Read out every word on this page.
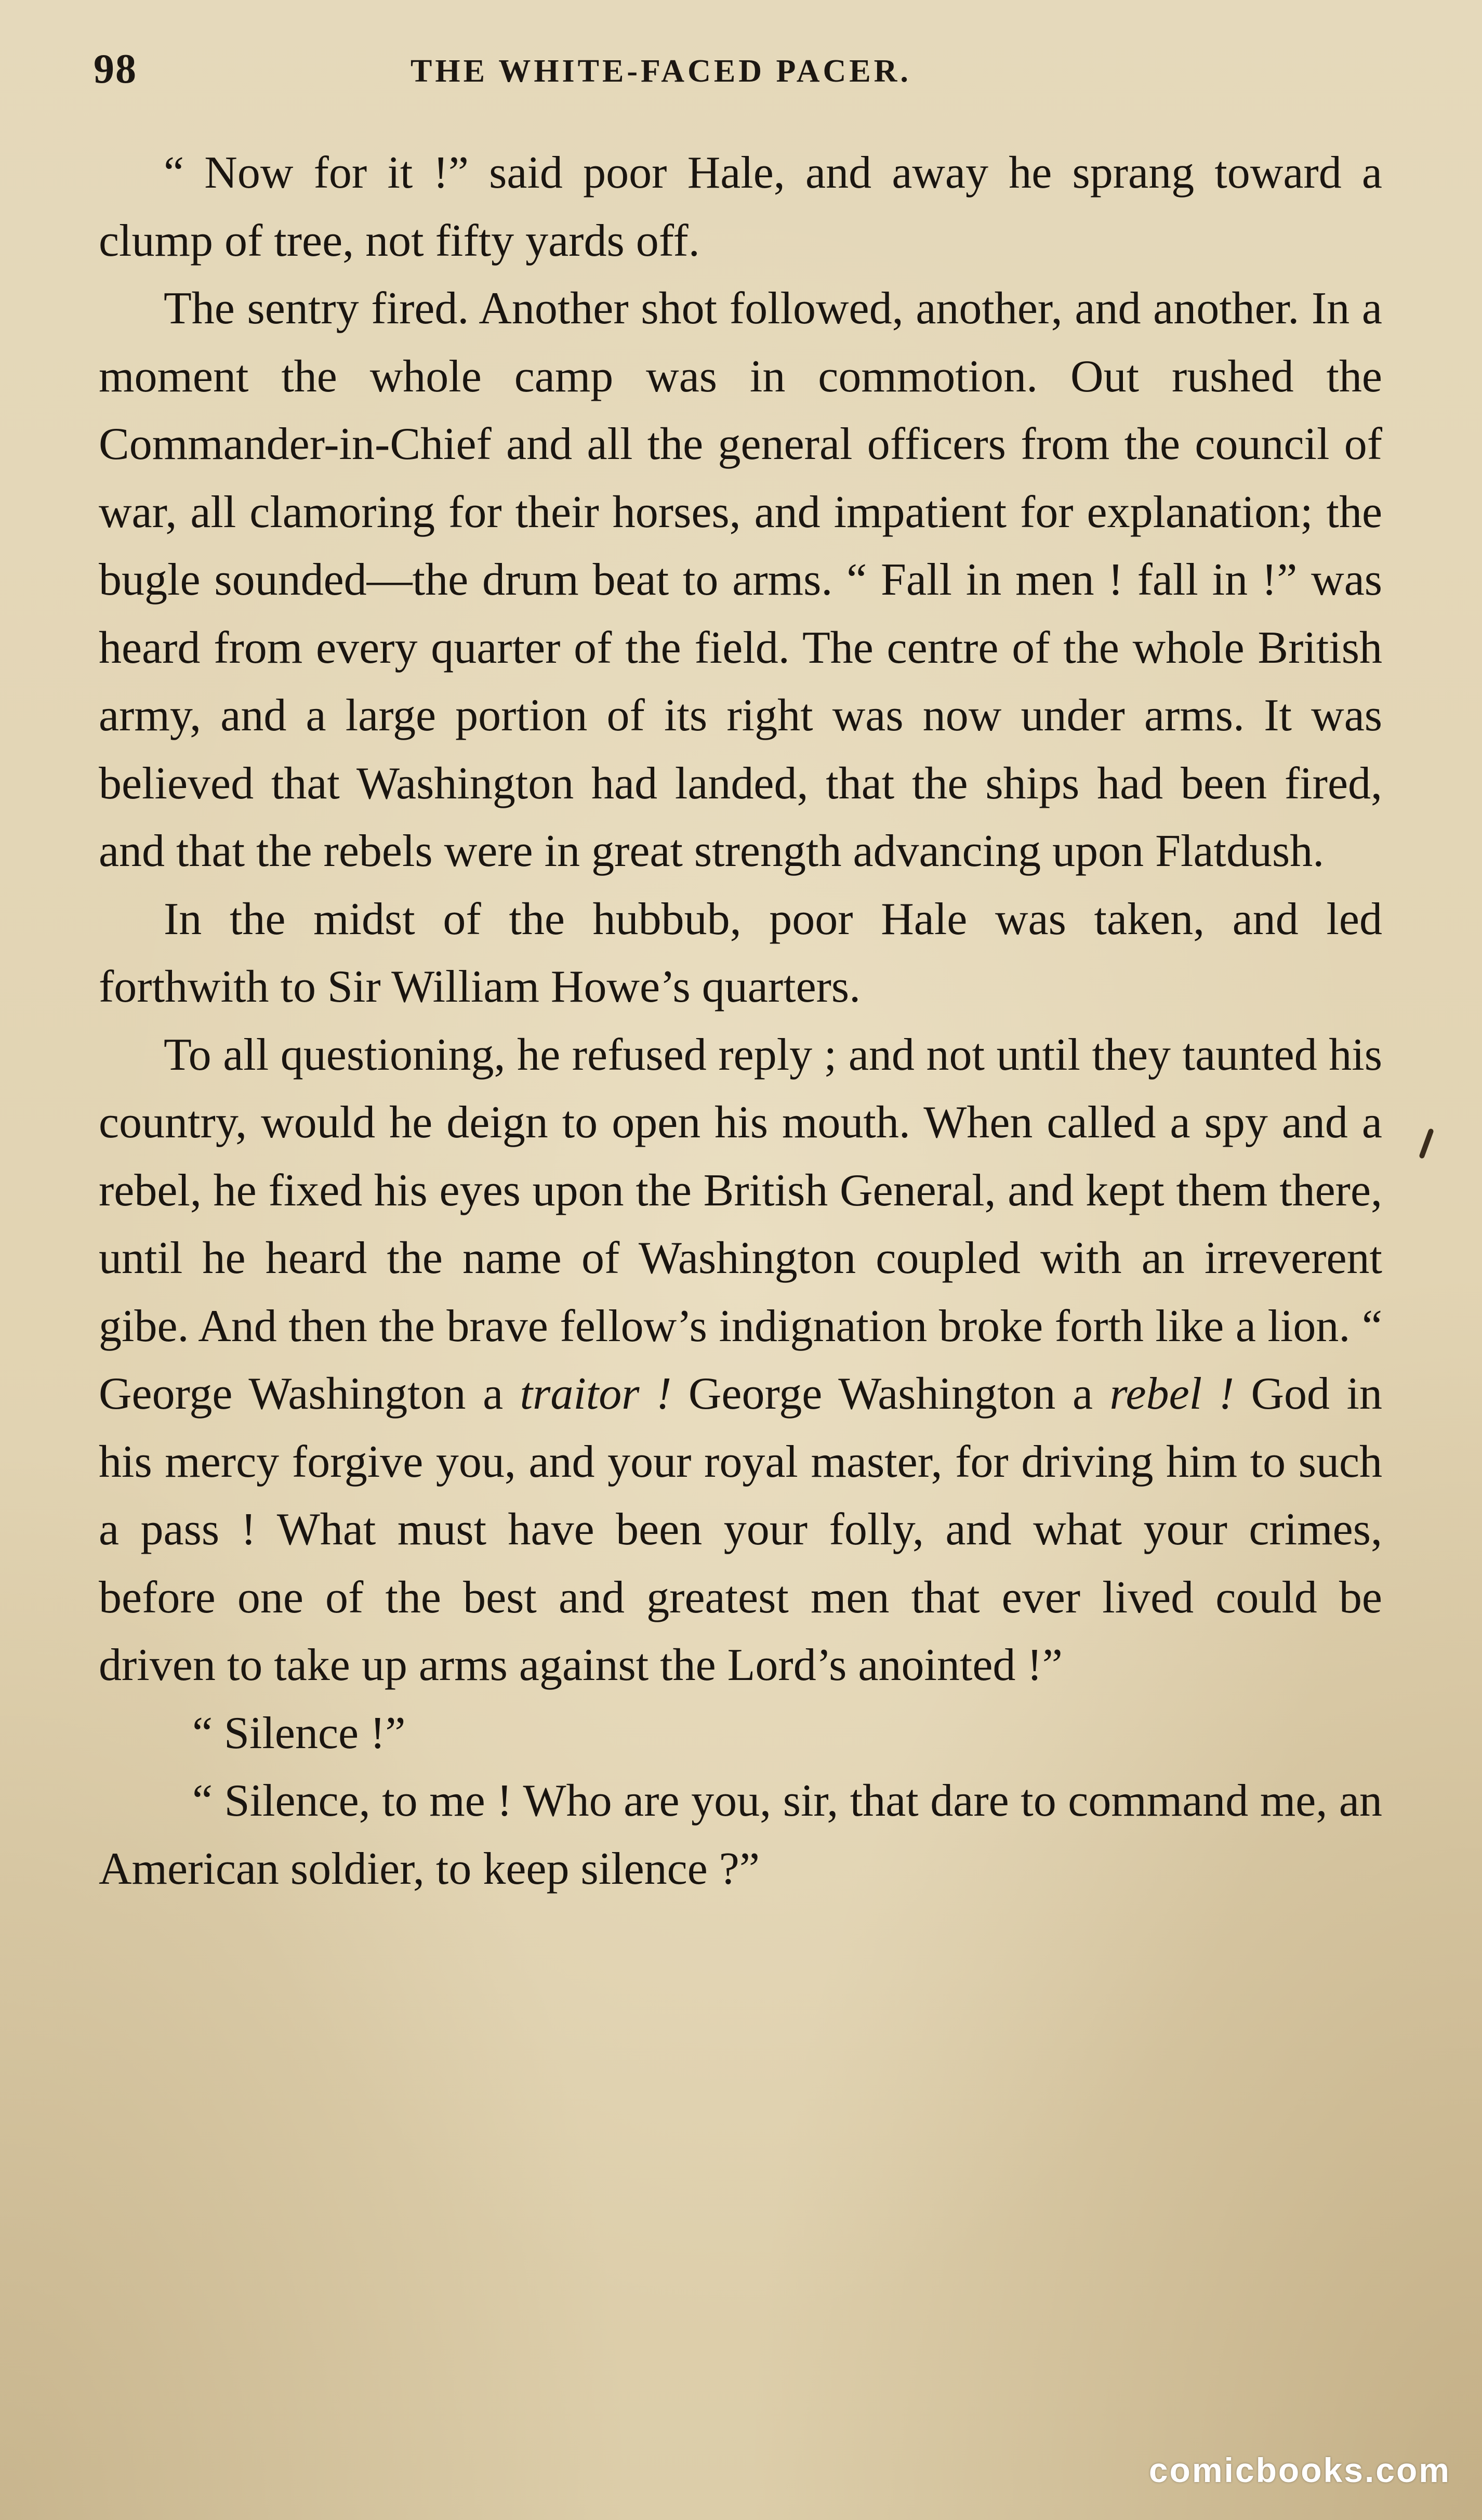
98	THE WHITE-FACED PACER.

“ Now for it !” said poor Hale, and away he sprang toward a clump of tree, not fifty yards off.

The sentry fired. Another shot followed, another, and another. In a moment the whole camp was in commotion. Out rushed the Commander-in-Chief and all the general officers from the council of war, all clamoring for their horses, and impatient for explanation; the bugle sounded—the drum beat to arms. “ Fall in men ! fall in !” was heard from every quarter of the field. The centre of the whole British army, and a large portion of its right was now under arms. It was believed that Washington had landed, that the ships had been fired, and that the rebels were in great strength advancing upon Flatdush.

In the midst of the hubbub, poor Hale was taken, and led forthwith to Sir William Howe’s quarters.

To all questioning, he refused reply ; and not until they taunted his country, would he deign to open his mouth. When called a spy and a rebel, he fixed his eyes upon the British General, and kept them there, until he heard the name of Washington coupled with an irreverent gibe. And then the brave fellow’s indignation broke forth like a lion. “ George Washington a traitor ! George Washington a rebel ! God in his mercy forgive you, and your royal master, for driving him to such a pass ! What must have been your folly, and what your crimes, before one of the best and greatest men that ever lived could be driven to take up arms against the Lord’s anointed !”

“ Silence !”

“ Silence, to me ! Who are you, sir, that dare to command me, an American soldier, to keep silence ?”

comicbooks.com
